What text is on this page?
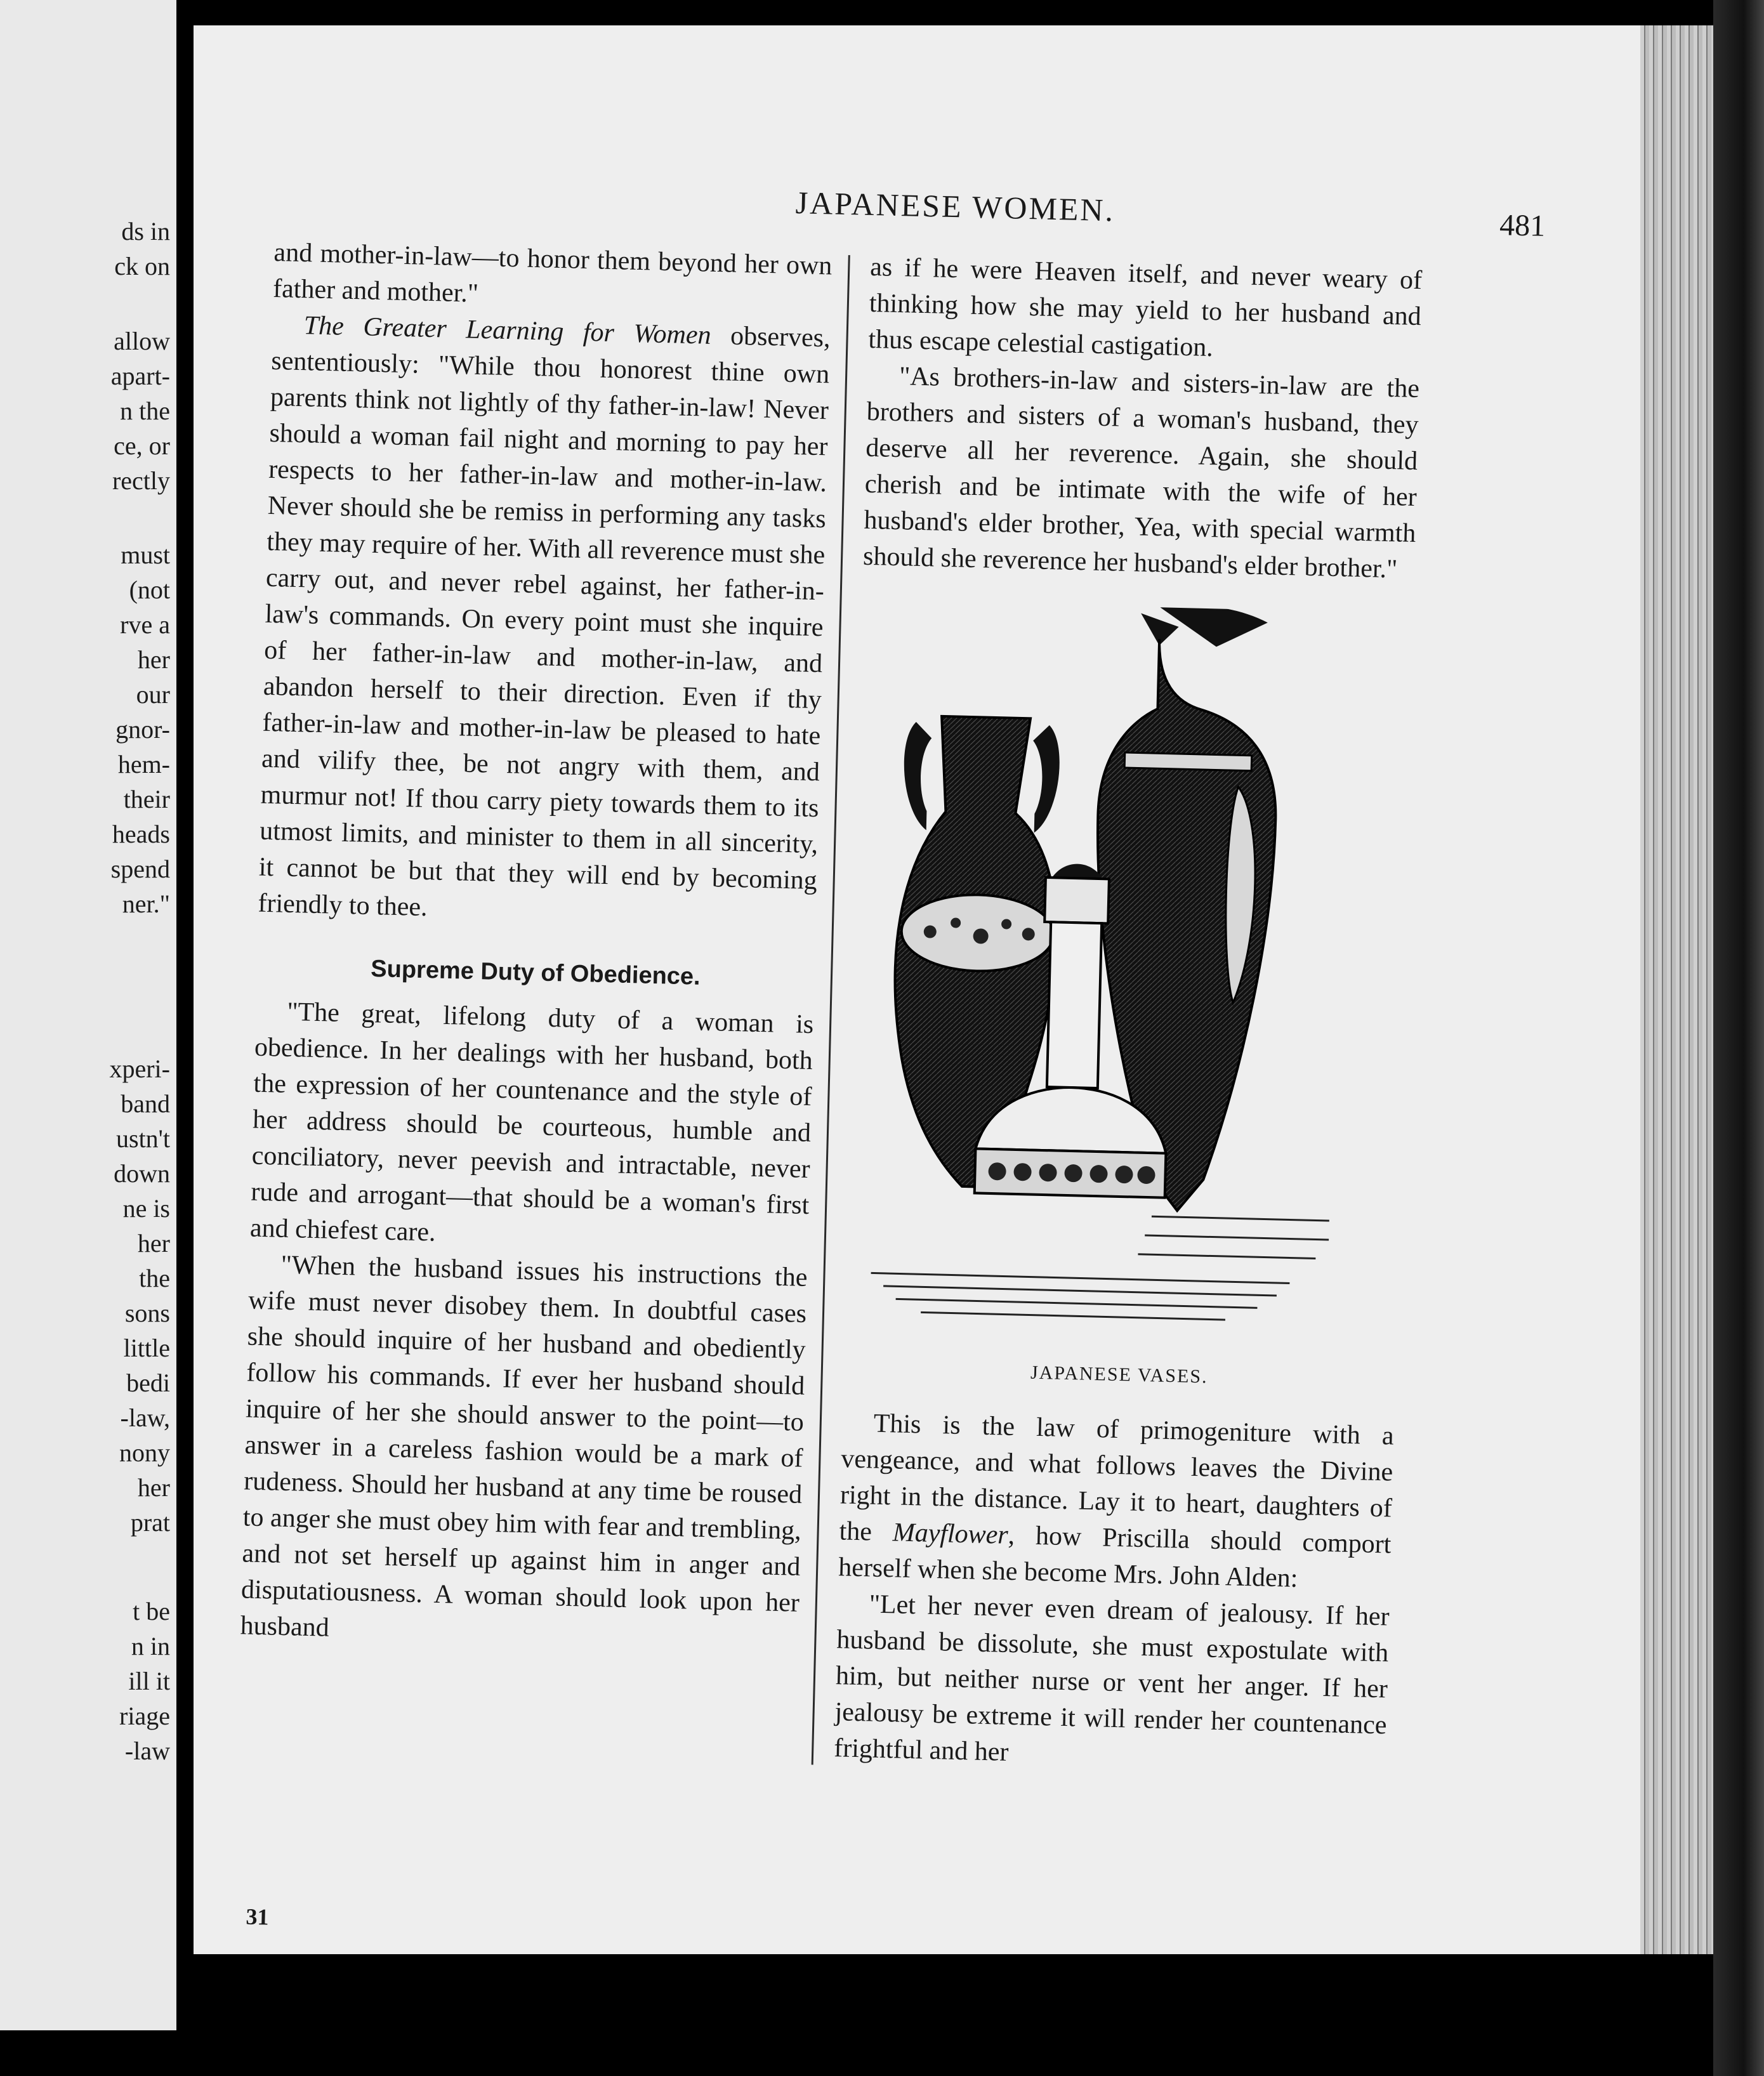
ds in
ck on
allow
apart-
n the
ce, or
rectly
must
(not
rve a
her
our
gnor-
hem-
their
heads
spend
ner."
xperi-
band
ustn't
down
ne is
her
the
sons
little
bedi
-law,
nony
her
prat
t be
n in
ill it
riage
-law
JAPANESE WOMEN.	481

and mother-in-law—to honor them beyond her own father and mother."

The Greater Learning for Women observes, sententiously: "While thou honorest thine own parents think not lightly of thy father-in-law! Never should a woman fail night and morning to pay her respects to her father-in-law and mother-in-law. Never should she be remiss in performing any tasks they may require of her. With all reverence must she carry out, and never rebel against, her father-in-law's commands. On every point must she inquire of her father-in-law and mother-in-law, and abandon herself to their direction. Even if thy father-in-law and mother-in-law be pleased to hate and vilify thee, be not angry with them, and murmur not! If thou carry piety towards them to its utmost limits, and minister to them in all sincerity, it cannot be but that they will end by becoming friendly to thee.

Supreme Duty of Obedience.

"The great, lifelong duty of a woman is obedience. In her dealings with her husband, both the expression of her countenance and the style of her address should be courteous, humble and conciliatory, never peevish and intractable, never rude and arrogant—that should be a woman's first and chiefest care.

"When the husband issues his instructions the wife must never disobey them. In doubtful cases she should inquire of her husband and obediently follow his commands. If ever her husband should inquire of her she should answer to the point—to answer in a careless fashion would be a mark of rudeness. Should her husband at any time be roused to anger she must obey him with fear and trembling, and not set herself up against him in anger and disputatiousness. A woman should look upon her husband

as if he were Heaven itself, and never weary of thinking how she may yield to her husband and thus escape celestial castigation.

"As brothers-in-law and sisters-in-law are the brothers and sisters of a woman's husband, they deserve all her reverence. Again, she should cherish and be intimate with the wife of her husband's elder brother, Yea, with special warmth should she reverence her husband's elder brother."

JAPANESE VASES.

This is the law of primogeniture with a vengeance, and what follows leaves the Divine right in the distance. Lay it to heart, daughters of the Mayflower, how Priscilla should comport herself when she become Mrs. John Alden:

"Let her never even dream of jealousy. If her husband be dissolute, she must expostulate with him, but neither nurse or vent her anger. If her jealousy be extreme it will render her countenance frightful and her

31
